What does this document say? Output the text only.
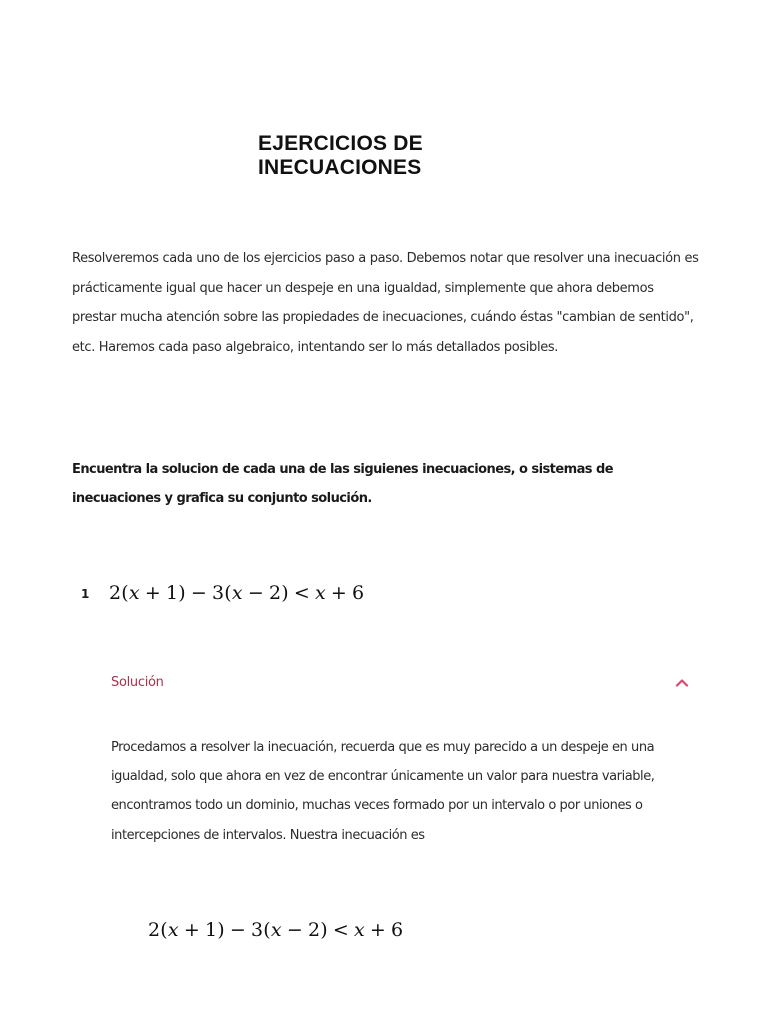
EJERCICIOS DE INECUACIONES

Resolveremos cada uno de los ejercicios paso a paso. Debemos notar que resolver una inecuación es prácticamente igual que hacer un despeje en una igualdad, simplemente que ahora debemos prestar mucha atención sobre las propiedades de inecuaciones, cuándo éstas "cambian de sentido", etc. Haremos cada paso algebraico, intentando ser lo más detallados posibles.

Encuentra la solucion de cada una de las siguienes inecuaciones, o sistemas de inecuaciones y grafica su conjunto solución.

1 2(x + 1) − 3(x − 2) < x + 6
Solución

Procedamos a resolver la inecuación, recuerda que es muy parecido a un despeje en una igualdad, solo que ahora en vez de encontrar únicamente un valor para nuestra variable, encontramos todo un dominio, muchas veces formado por un intervalo o por uniones o intercepciones de intervalos. Nuestra inecuación es

2(x + 1) − 3(x − 2) < x + 6
